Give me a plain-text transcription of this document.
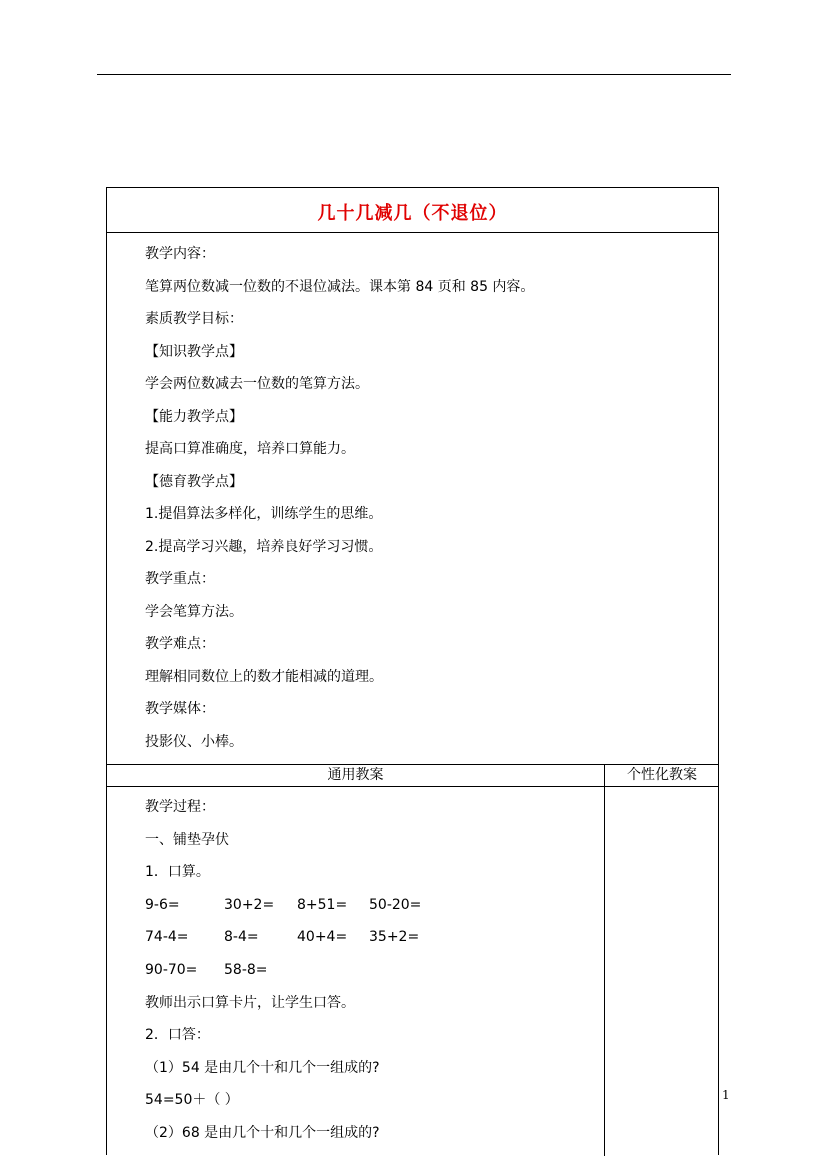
几十几减几（不退位）
教学内容：
笔算两位数减一位数的不退位减法。课本第 84 页和 85 内容。
素质教学目标：
【知识教学点】
学会两位数减去一位数的笔算方法。
【能力教学点】
提高口算准确度，培养口算能力。
【德育教学点】
1.提倡算法多样化，训练学生的思维。
2.提高学习兴趣，培养良好学习习惯。
教学重点：
学会笔算方法。
教学难点：
理解相同数位上的数才能相减的道理。
教学媒体：
投影仪、小棒。
通用教案	个性化教案
教学过程：
一、铺垫孕伏
1．口算。
9-6=	30+2= 8+51= 50-20=
74-4=	8-4=	40+4= 35+2=
90-70= 58-8=
教师出示口算卡片，让学生口答。
2．口答：
（1）54 是由几个十和几个一组成的?
54=50＋（ ）
（2）68 是由几个十和几个一组成的?
1
